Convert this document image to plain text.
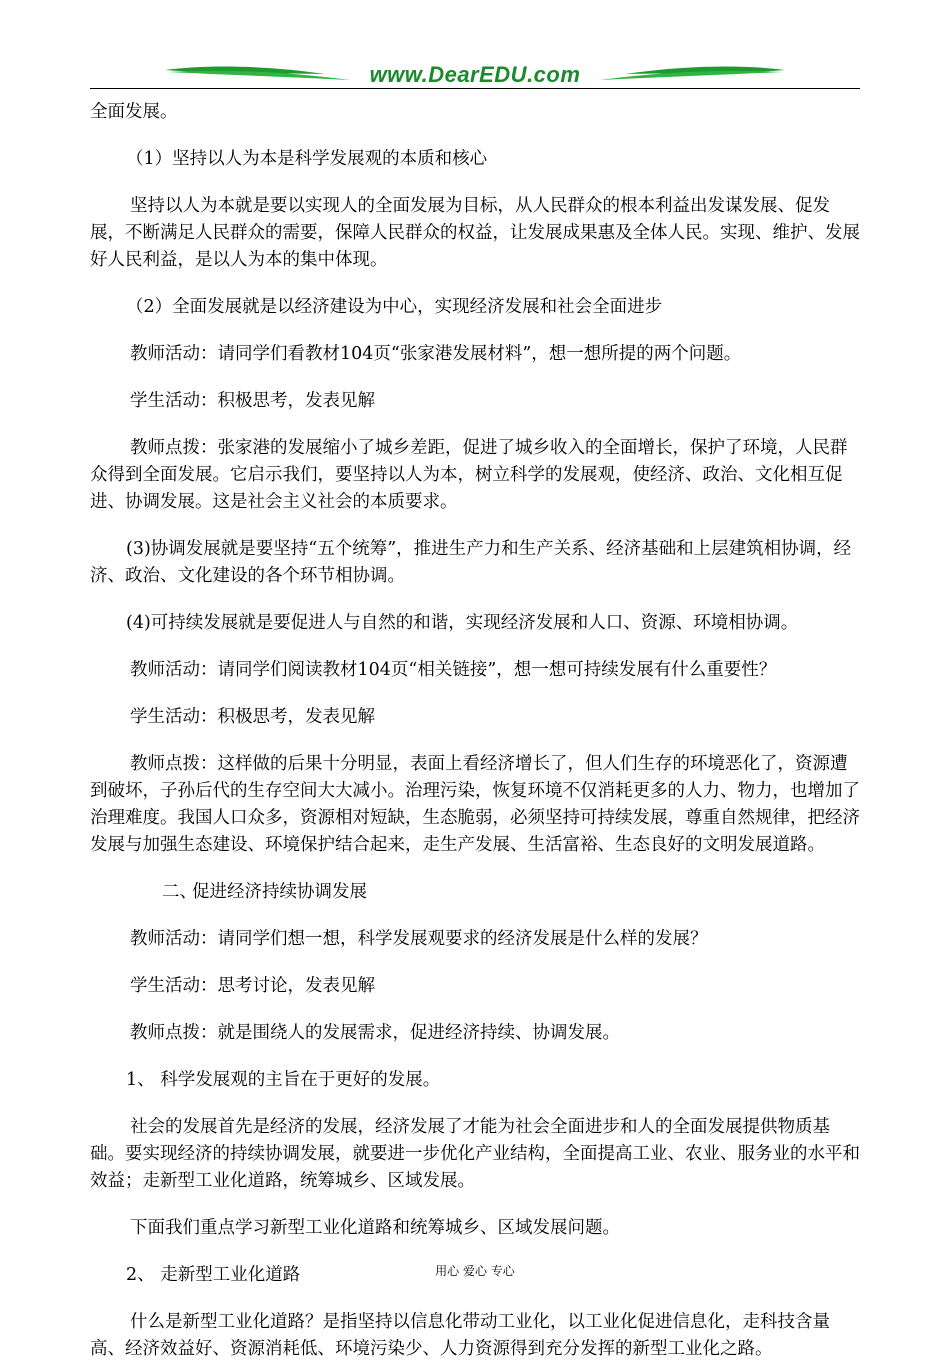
www.DearEDU.com

全面发展。

（1）坚持以人为本是科学发展观的本质和核心

坚持以人为本就是要以实现人的全面发展为目标，从人民群众的根本利益出发谋发展、促发展，不断满足人民群众的需要，保障人民群众的权益，让发展成果惠及全体人民。实现、维护、发展好人民利益，是以人为本的集中体现。

（2）全面发展就是以经济建设为中心，实现经济发展和社会全面进步

教师活动：请同学们看教材104页“张家港发展材料”，想一想所提的两个问题。

学生活动：积极思考，发表见解

教师点拨：张家港的发展缩小了城乡差距，促进了城乡收入的全面增长，保护了环境，人民群众得到全面发展。它启示我们，要坚持以人为本，树立科学的发展观，使经济、政治、文化相互促进、协调发展。这是社会主义社会的本质要求。

(3)协调发展就是要坚持“五个统筹”，推进生产力和生产关系、经济基础和上层建筑相协调，经济、政治、文化建设的各个环节相协调。

(4)可持续发展就是要促进人与自然的和谐，实现经济发展和人口、资源、环境相协调。

教师活动：请同学们阅读教材104页“相关链接”，想一想可持续发展有什么重要性？

学生活动：积极思考，发表见解

教师点拨：这样做的后果十分明显，表面上看经济增长了，但人们生存的环境恶化了，资源遭到破坏，子孙后代的生存空间大大减小。治理污染，恢复环境不仅消耗更多的人力、物力，也增加了治理难度。我国人口众多，资源相对短缺，生态脆弱，必须坚持可持续发展，尊重自然规律，把经济发展与加强生态建设、环境保护结合起来，走生产发展、生活富裕、生态良好的文明发展道路。

二、促进经济持续协调发展

教师活动：请同学们想一想，科学发展观要求的经济发展是什么样的发展？

学生活动：思考讨论，发表见解

教师点拨：就是围绕人的发展需求，促进经济持续、协调发展。

1、 科学发展观的主旨在于更好的发展。

社会的发展首先是经济的发展，经济发展了才能为社会全面进步和人的全面发展提供物质基础。要实现经济的持续协调发展，就要进一步优化产业结构，全面提高工业、农业、服务业的水平和效益；走新型工业化道路，统筹城乡、区域发展。

下面我们重点学习新型工业化道路和统筹城乡、区域发展问题。

2、 走新型工业化道路

什么是新型工业化道路？是指坚持以信息化带动工业化，以工业化促进信息化，走科技含量高、经济效益好、资源消耗低、环境污染少、人力资源得到充分发挥的新型工业化之路。

用心 爱心 专心
